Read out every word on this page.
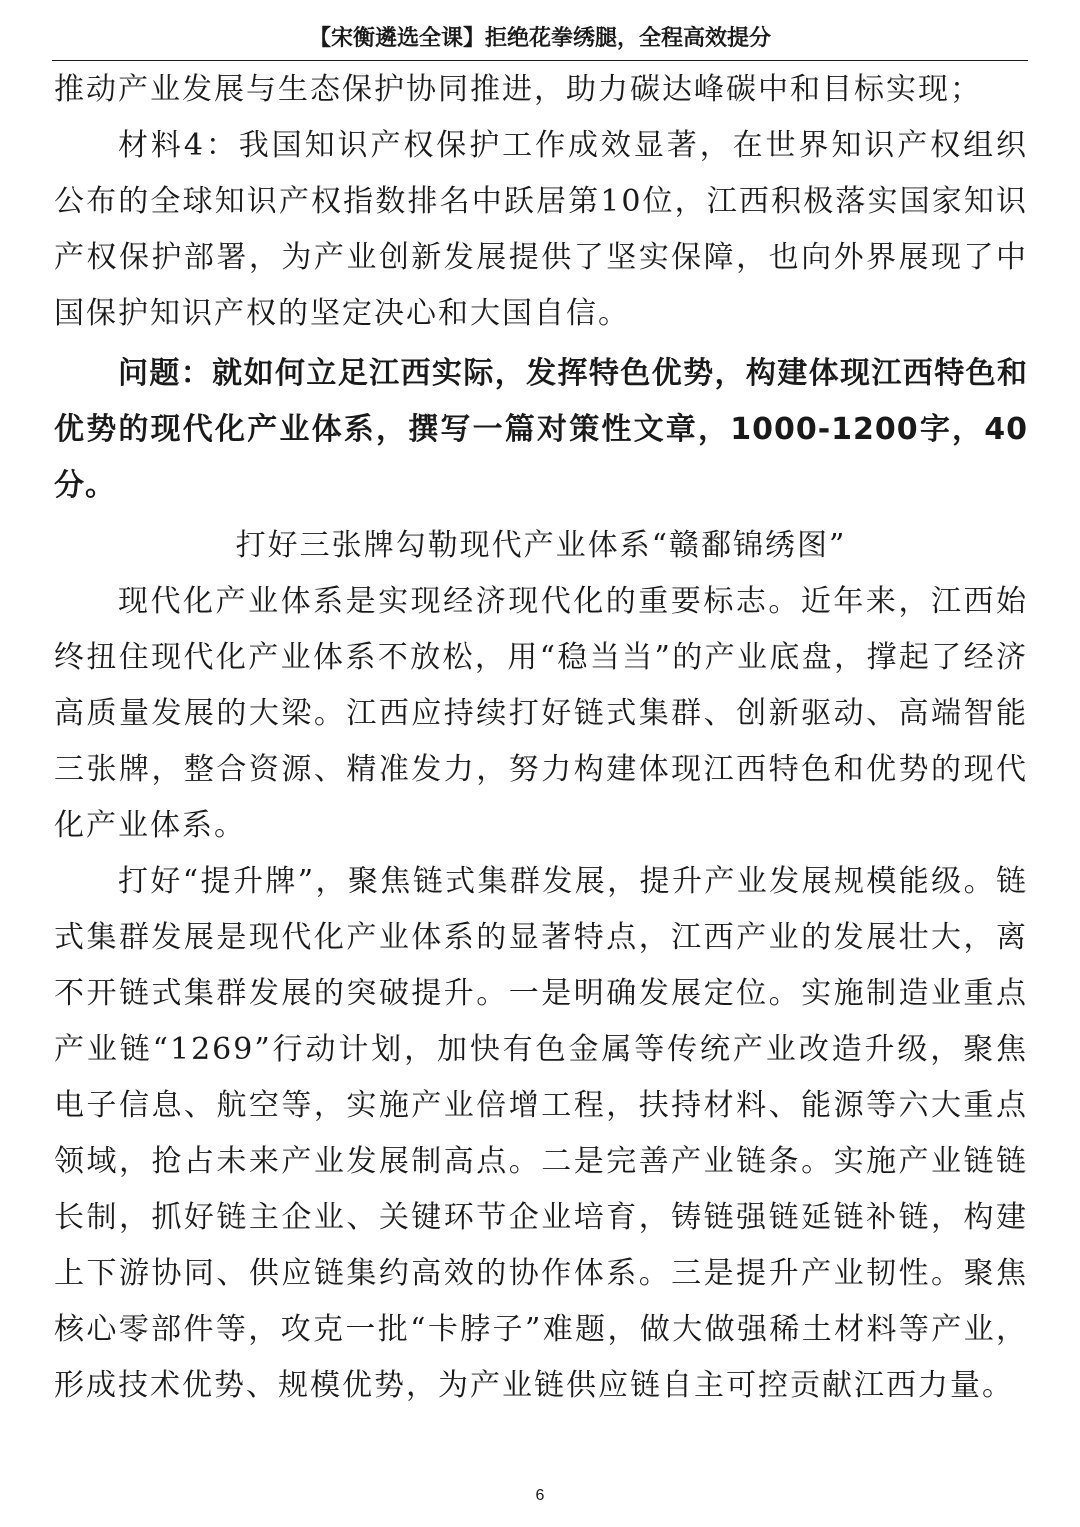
【宋衡遴选全课】拒绝花拳绣腿，全程高效提分

推动产业发展与生态保护协同推进，助力碳达峰碳中和目标实现；

材料4：我国知识产权保护工作成效显著，在世界知识产权组织公布的全球知识产权指数排名中跃居第10位，江西积极落实国家知识产权保护部署，为产业创新发展提供了坚实保障，也向外界展现了中国保护知识产权的坚定决心和大国自信。

问题：就如何立足江西实际，发挥特色优势，构建体现江西特色和优势的现代化产业体系，撰写一篇对策性文章，1000-1200字，40分。

打好三张牌勾勒现代产业体系“赣鄱锦绣图”

现代化产业体系是实现经济现代化的重要标志。近年来，江西始终扭住现代化产业体系不放松，用“稳当当”的产业底盘，撑起了经济高质量发展的大梁。江西应持续打好链式集群、创新驱动、高端智能三张牌，整合资源、精准发力，努力构建体现江西特色和优势的现代化产业体系。

打好“提升牌”，聚焦链式集群发展，提升产业发展规模能级。链式集群发展是现代化产业体系的显著特点，江西产业的发展壮大，离不开链式集群发展的突破提升。一是明确发展定位。实施制造业重点产业链“1269”行动计划，加快有色金属等传统产业改造升级，聚焦电子信息、航空等，实施产业倍增工程，扶持材料、能源等六大重点领域，抢占未来产业发展制高点。二是完善产业链条。实施产业链链长制，抓好链主企业、关键环节企业培育，铸链强链延链补链，构建上下游协同、供应链集约高效的协作体系。三是提升产业韧性。聚焦核心零部件等，攻克一批“卡脖子”难题，做大做强稀土材料等产业，形成技术优势、规模优势，为产业链供应链自主可控贡献江西力量。

6
